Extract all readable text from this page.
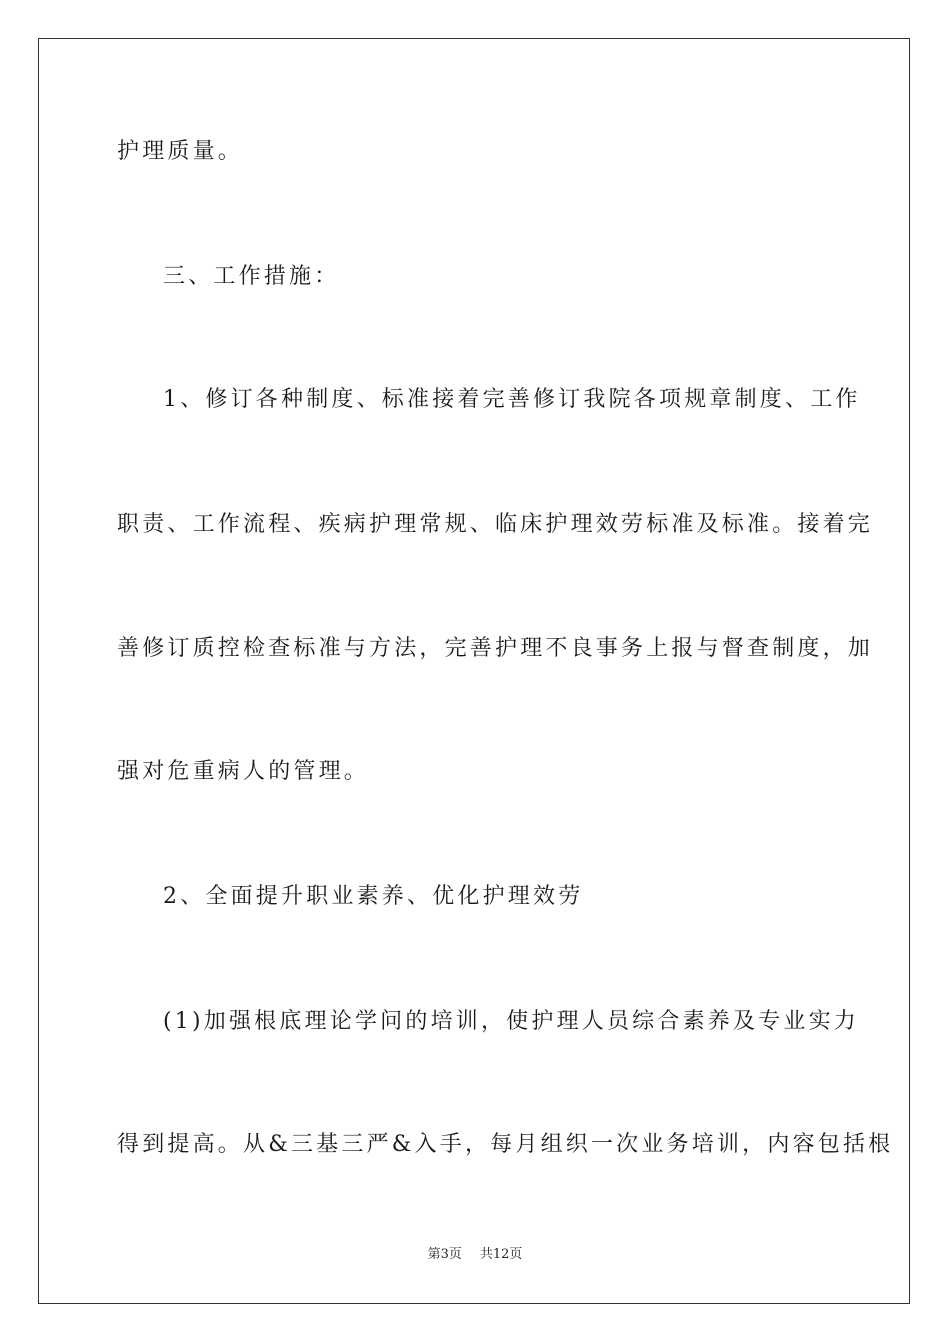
护理质量。

三、工作措施：

1、修订各种制度、标准接着完善修订我院各项规章制度、工作

职责、工作流程、疾病护理常规、临床护理效劳标准及标准。接着完

善修订质控检查标准与方法，完善护理不良事务上报与督查制度，加

强对危重病人的管理。

2、全面提升职业素养、优化护理效劳

(1)加强根底理论学问的培训，使护理人员综合素养及专业实力

得到提高。从&三基三严&入手，每月组织一次业务培训，内容包括根

第3页 共12页
